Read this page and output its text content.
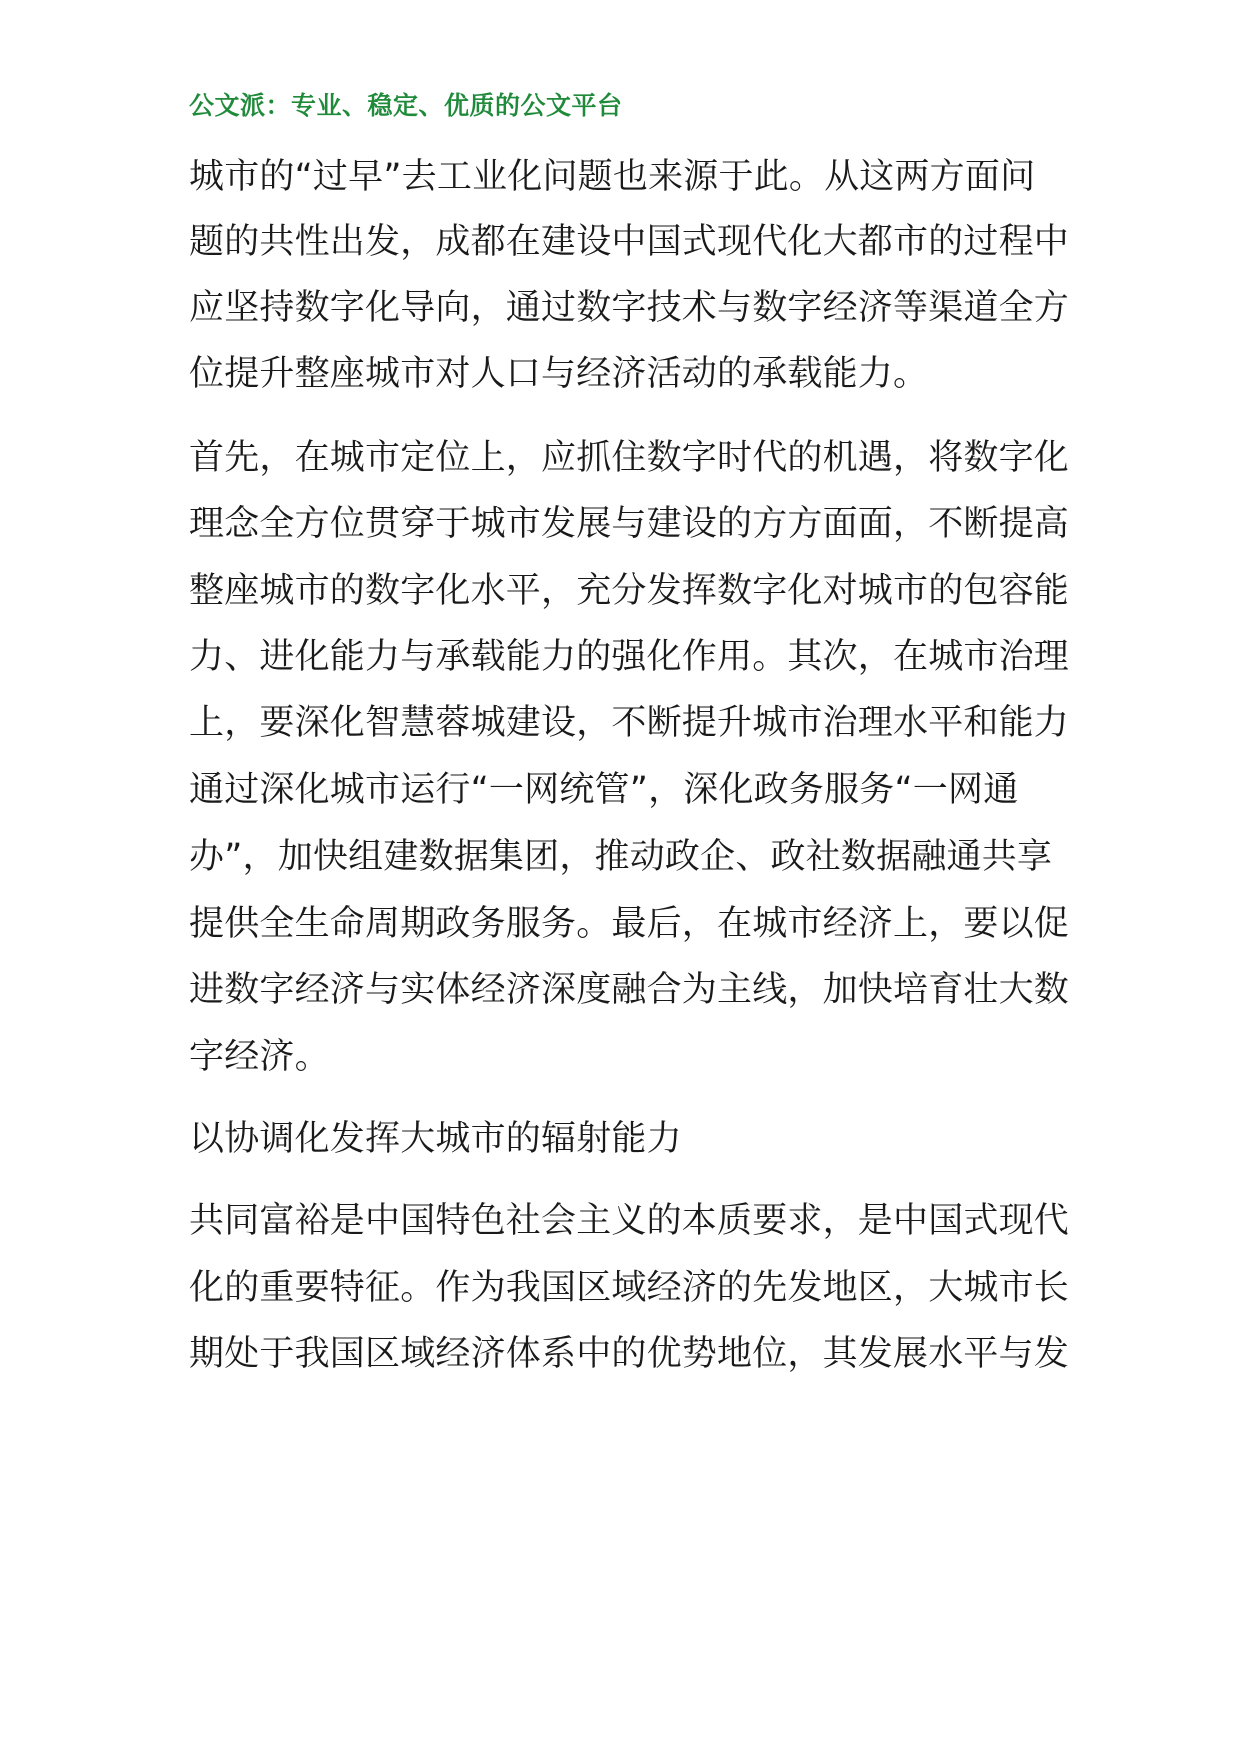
公文派：专业、稳定、优质的公文平台
城市的“过早”去工业化问题也来源于此。从这两方面问
题的共性出发，成都在建设中国式现代化大都市的过程中
应坚持数字化导向，通过数字技术与数字经济等渠道全方
位提升整座城市对人口与经济活动的承载能力。
首先，在城市定位上，应抓住数字时代的机遇，将数字化
理念全方位贯穿于城市发展与建设的方方面面，不断提高
整座城市的数字化水平，充分发挥数字化对城市的包容能
力、进化能力与承载能力的强化作用。其次，在城市治理
上，要深化智慧蓉城建设，不断提升城市治理水平和能力
通过深化城市运行“一网统管”，深化政务服务“一网通
办”，加快组建数据集团，推动政企、政社数据融通共享
提供全生命周期政务服务。最后，在城市经济上，要以促
进数字经济与实体经济深度融合为主线，加快培育壮大数
字经济。
以协调化发挥大城市的辐射能力
共同富裕是中国特色社会主义的本质要求，是中国式现代
化的重要特征。作为我国区域经济的先发地区，大城市长
期处于我国区域经济体系中的优势地位，其发展水平与发
